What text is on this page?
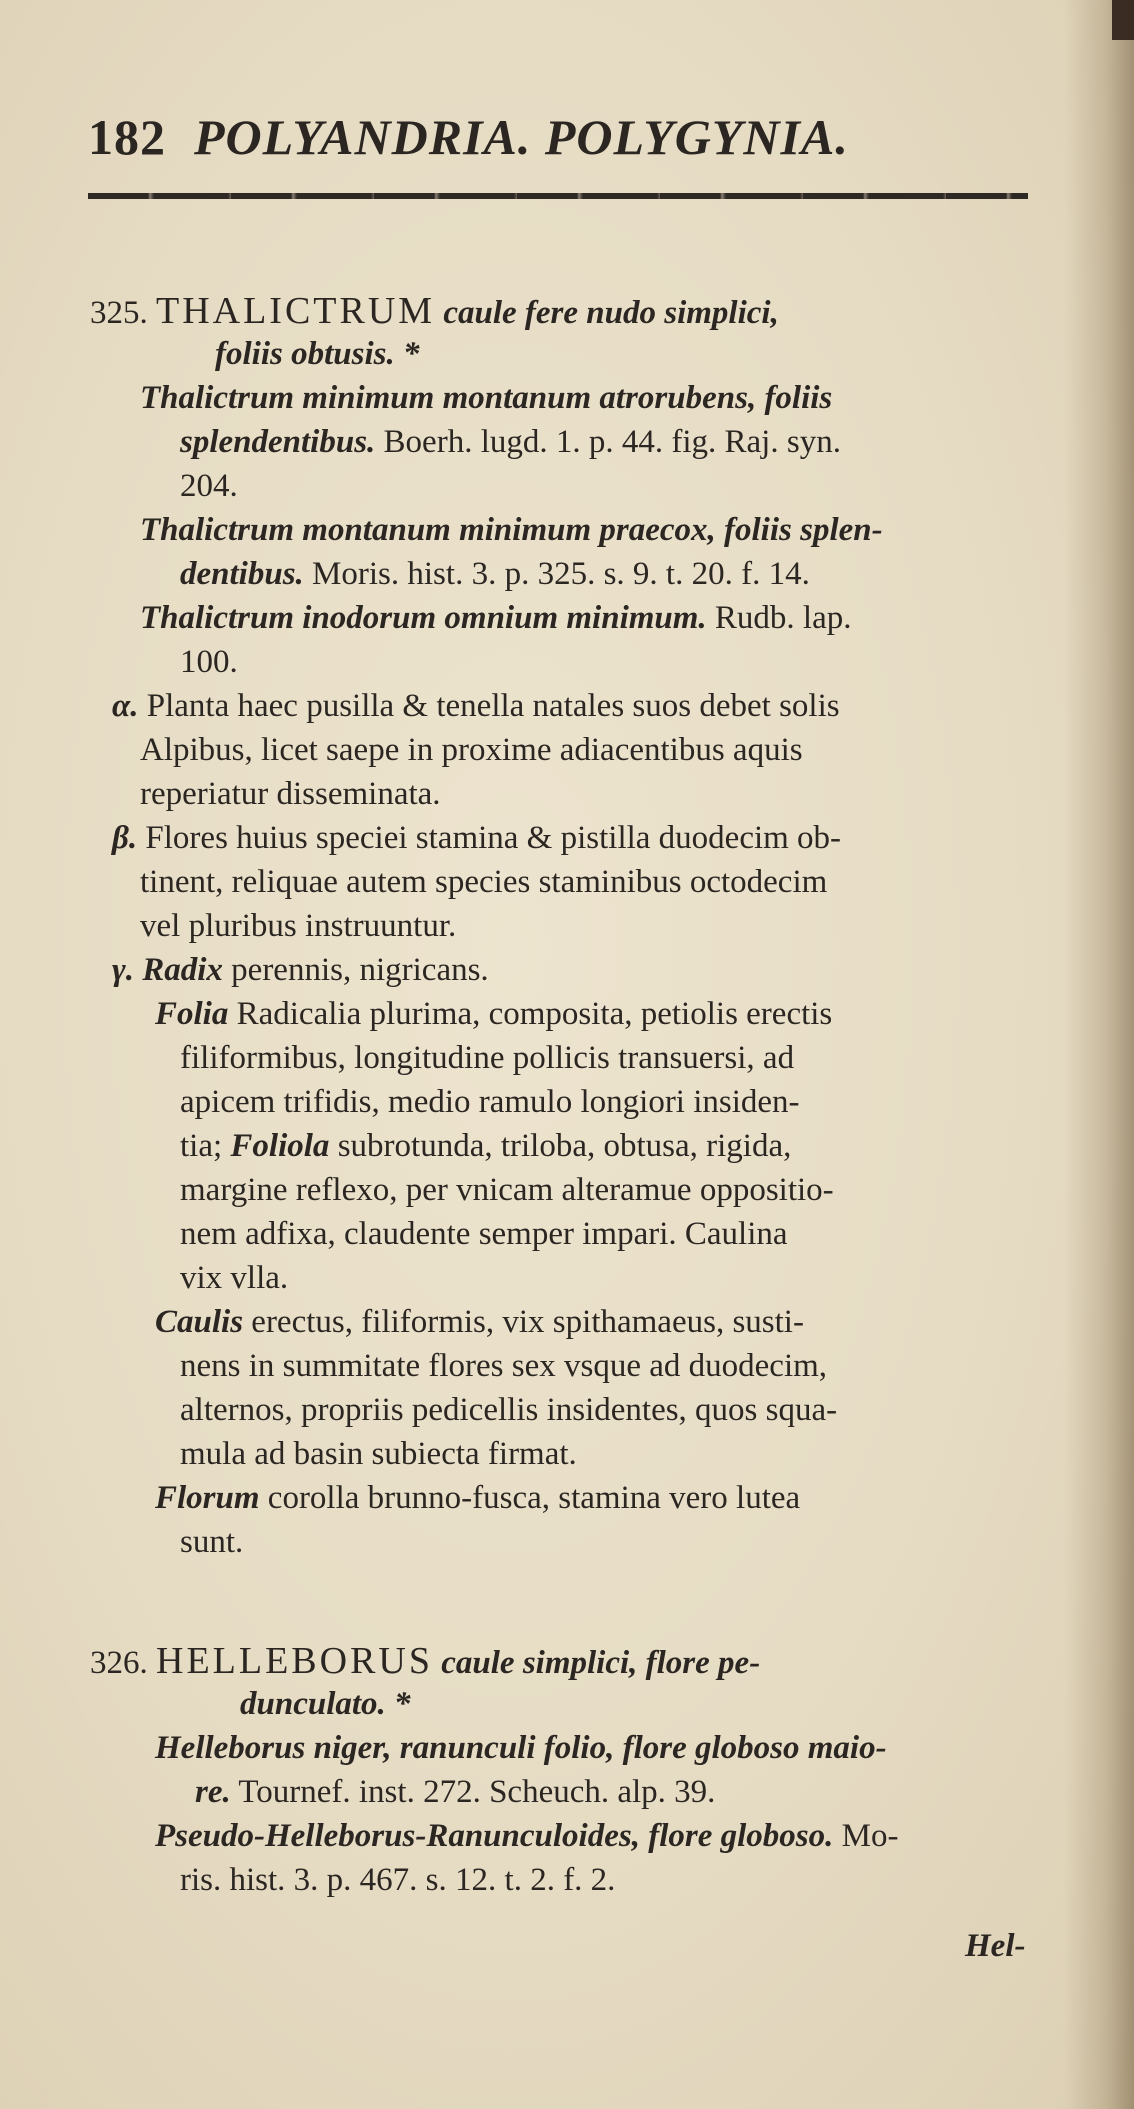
182 POLYANDRIA. POLYGYNIA.
325. THALICTRUM caule fere nudo simplici,
foliis obtusis. *
Thalictrum minimum montanum atrorubens, foliis
splendentibus. Boerh. lugd. 1. p. 44. fig. Raj. syn.
204.
Thalictrum montanum minimum praecox, foliis splen-
dentibus. Moris. hist. 3. p. 325. s. 9. t. 20. f. 14.
Thalictrum inodorum omnium minimum. Rudb. lap.
100.
α. Planta haec pusilla & tenella natales suos debet solis
Alpibus, licet saepe in proxime adiacentibus aquis
reperiatur disseminata.
β. Flores huius speciei stamina & pistilla duodecim ob-
tinent, reliquae autem species staminibus octodecim
vel pluribus instruuntur.
γ. Radix perennis, nigricans.
Folia Radicalia plurima, composita, petiolis erectis
filiformibus, longitudine pollicis transuersi, ad
apicem trifidis, medio ramulo longiori insiden-
tia; Foliola subrotunda, triloba, obtusa, rigida,
margine reflexo, per vnicam alteramue oppositio-
nem adfixa, claudente semper impari. Caulina
vix vlla.
Caulis erectus, filiformis, vix spithamaeus, susti-
nens in summitate flores sex vsque ad duodecim,
alternos, propriis pedicellis insidentes, quos squa-
mula ad basin subiecta firmat.
Florum corolla brunno-fusca, stamina vero lutea
sunt.
326. HELLEBORUS caule simplici, flore pe-
dunculato. *
Helleborus niger, ranunculi folio, flore globoso maio-
re. Tournef. inst. 272. Scheuch. alp. 39.
Pseudo-Helleborus-Ranunculoides, flore globoso. Mo-
ris. hist. 3. p. 467. s. 12. t. 2. f. 2.
Hel-
